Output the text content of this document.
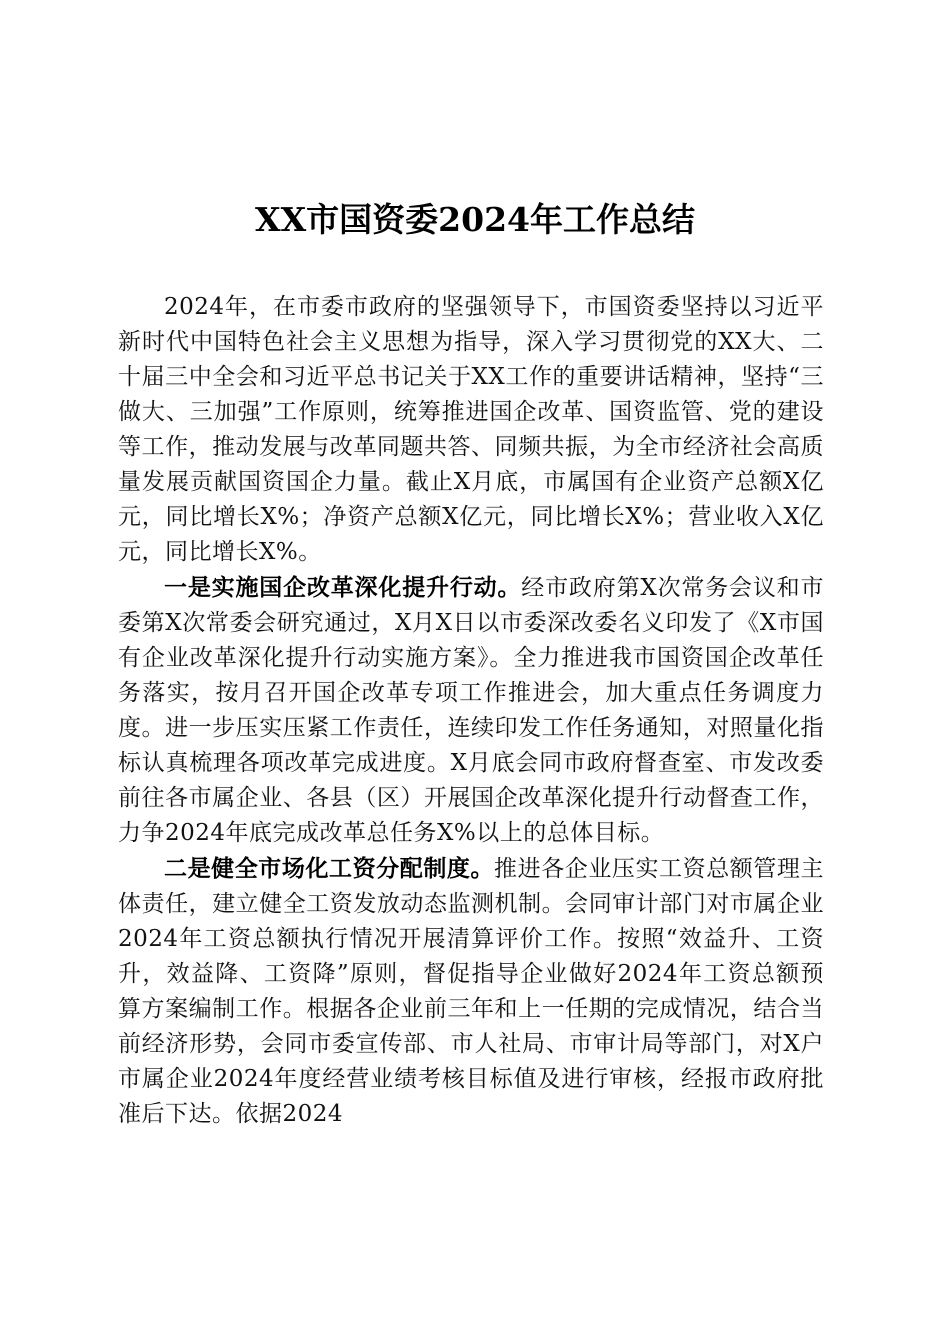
XX市国资委2024年工作总结

2024年，在市委市政府的坚强领导下，市国资委坚持以习近平新时代中国特色社会主义思想为指导，深入学习贯彻党的XX大、二十届三中全会和习近平总书记关于XX工作的重要讲话精神，坚持“三做大、三加强”工作原则，统筹推进国企改革、国资监管、党的建设等工作，推动发展与改革同题共答、同频共振，为全市经济社会高质量发展贡献国资国企力量。截止X月底，市属国有企业资产总额X亿元，同比增长X%；净资产总额X亿元，同比增长X%；营业收入X亿元，同比增长X%。

一是实施国企改革深化提升行动。经市政府第X次常务会议和市委第X次常委会研究通过，X月X日以市委深改委名义印发了《X市国有企业改革深化提升行动实施方案》。全力推进我市国资国企改革任务落实，按月召开国企改革专项工作推进会，加大重点任务调度力度。进一步压实压紧工作责任，连续印发工作任务通知，对照量化指标认真梳理各项改革完成进度。X月底会同市政府督查室、市发改委前往各市属企业、各县（区）开展国企改革深化提升行动督查工作，力争2024年底完成改革总任务X%以上的总体目标。

二是健全市场化工资分配制度。推进各企业压实工资总额管理主体责任，建立健全工资发放动态监测机制。会同审计部门对市属企业2024年工资总额执行情况开展清算评价工作。按照“效益升、工资升，效益降、工资降”原则，督促指导企业做好2024年工资总额预算方案编制工作。根据各企业前三年和上一任期的完成情况，结合当前经济形势，会同市委宣传部、市人社局、市审计局等部门，对X户市属企业2024年度经营业绩考核目标值及进行审核，经报市政府批准后下达。依据2024
